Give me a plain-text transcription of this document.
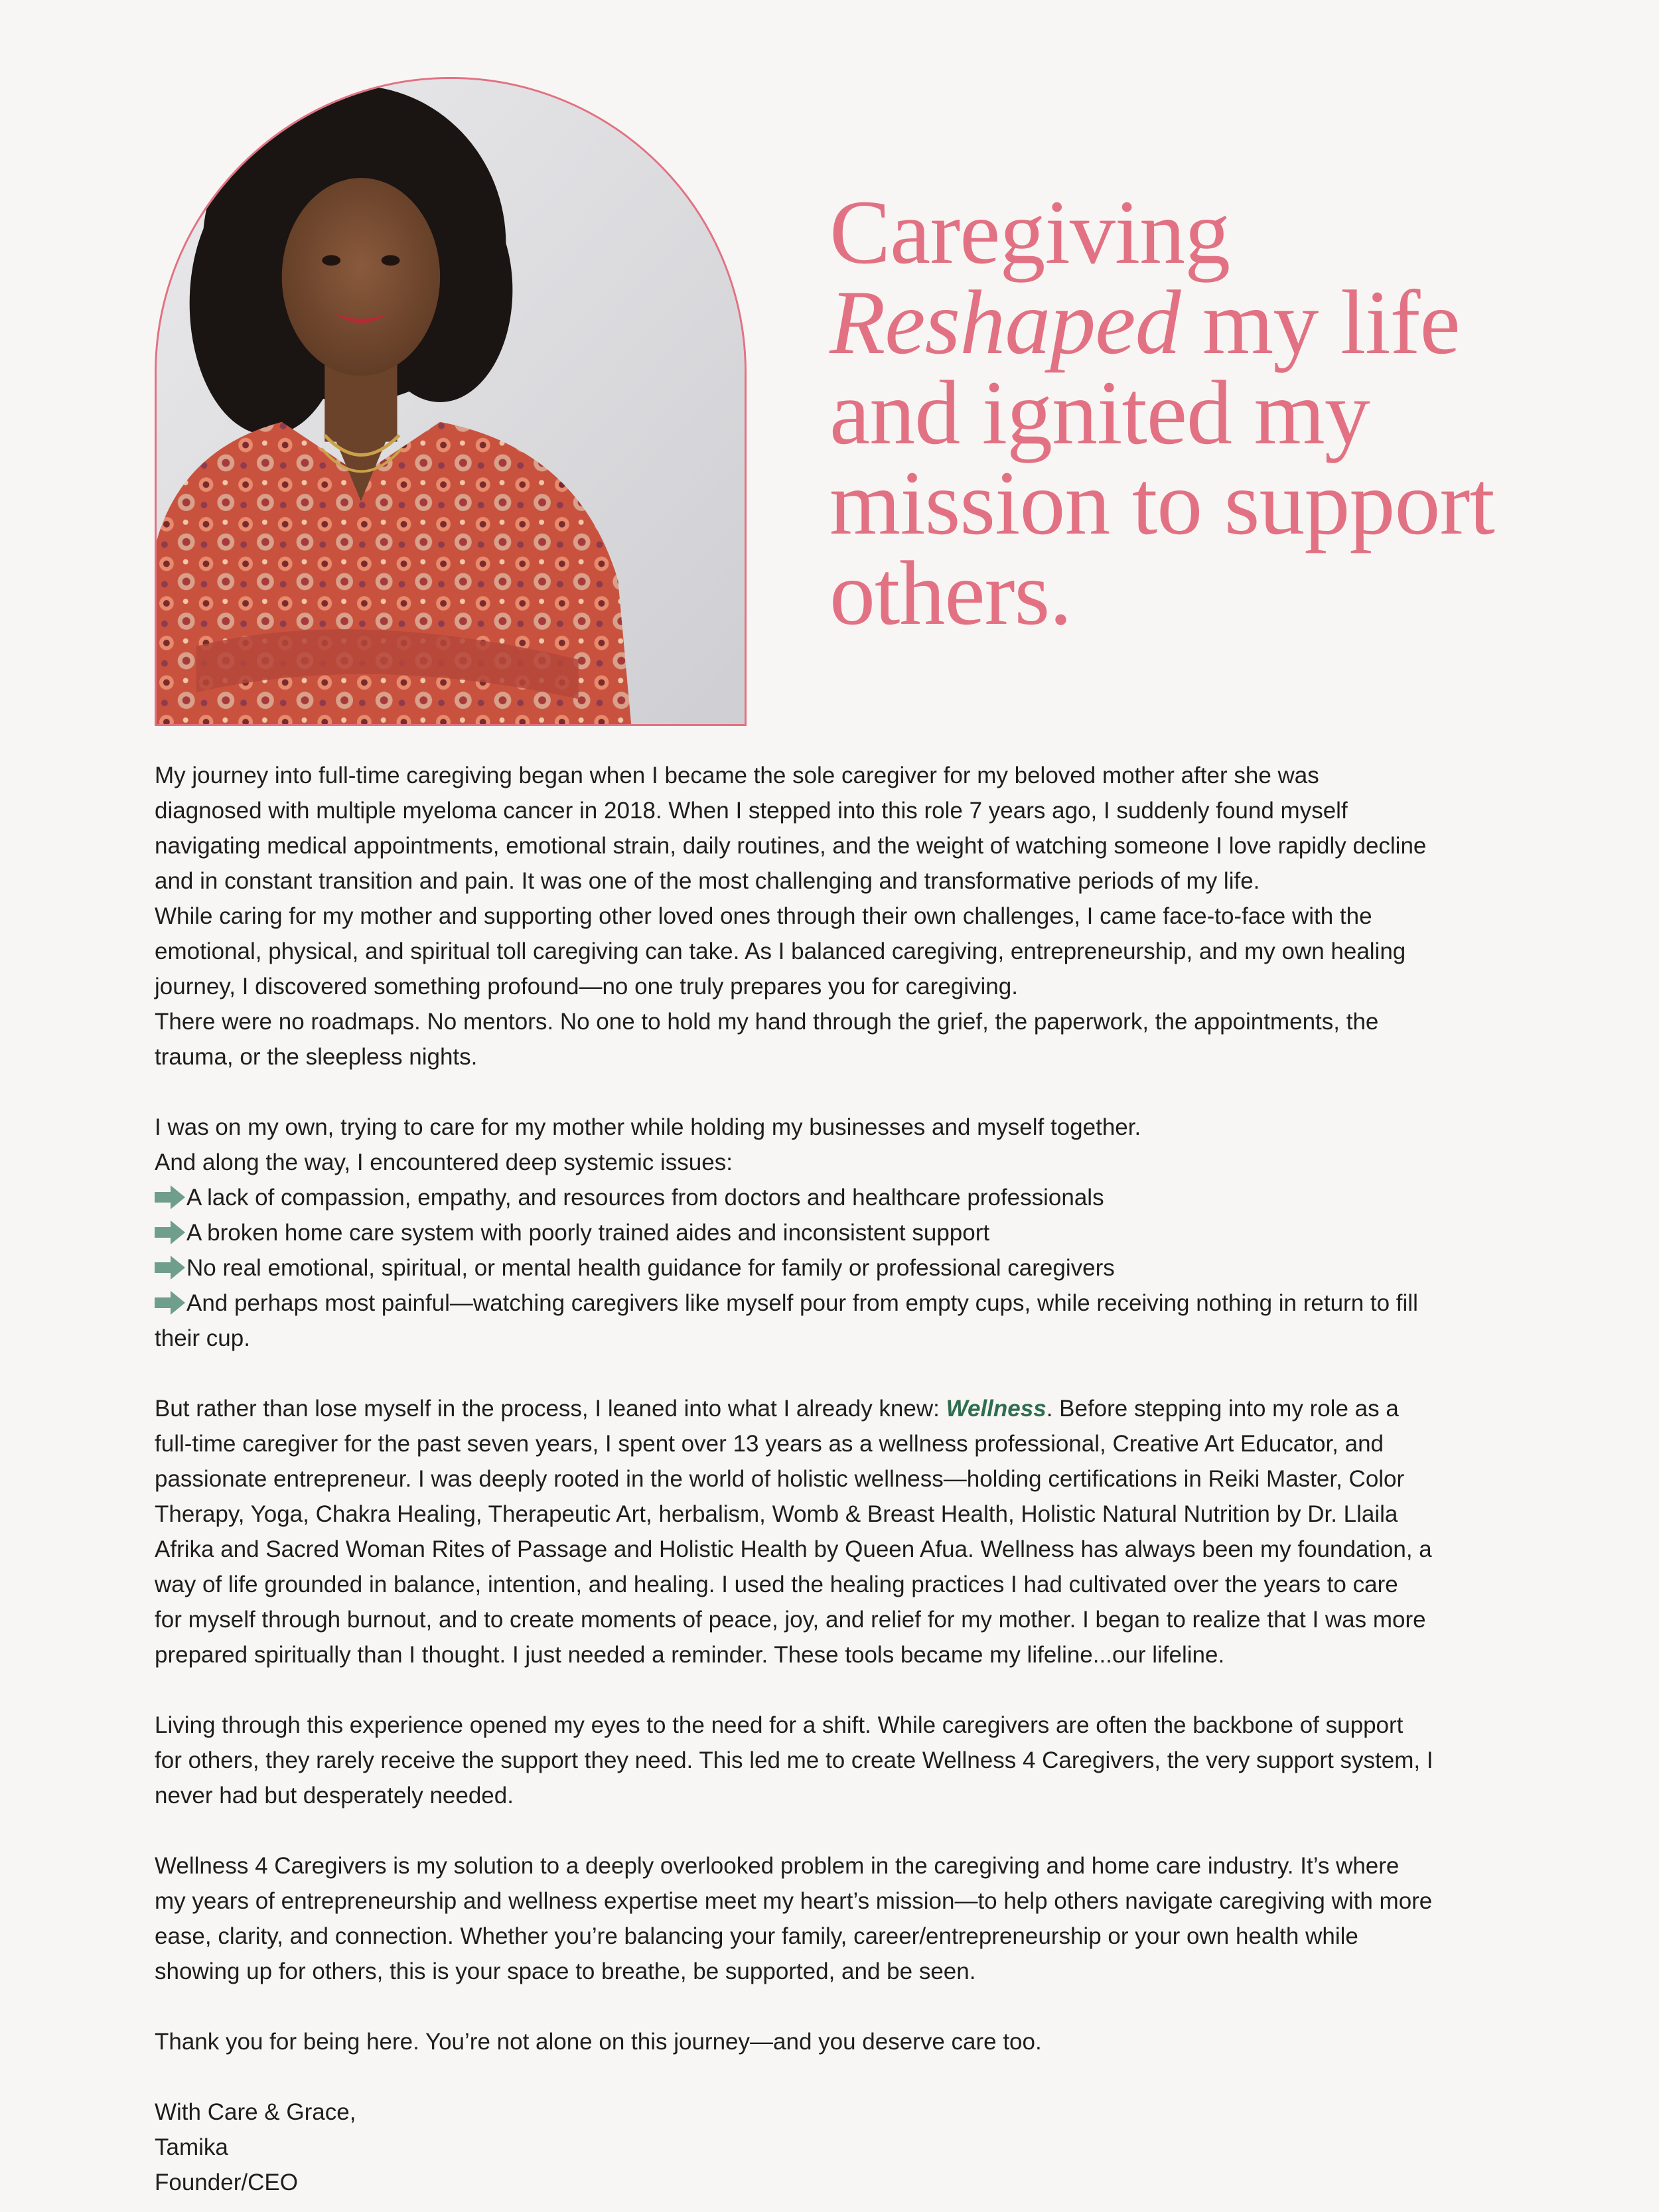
Caregiving
Reshaped my life
and ignited my
mission to support
others.
My journey into full-time caregiving began when I became the sole caregiver for my beloved mother after she was
diagnosed with multiple myeloma cancer in 2018. When I stepped into this role 7 years ago, I suddenly found myself
navigating medical appointments, emotional strain, daily routines, and the weight of watching someone I love rapidly decline
and in constant transition and pain. It was one of the most challenging and transformative periods of my life.
While caring for my mother and supporting other loved ones through their own challenges, I came face-to-face with the
emotional, physical, and spiritual toll caregiving can take. As I balanced caregiving, entrepreneurship, and my own healing
journey, I discovered something profound—no one truly prepares you for caregiving.
There were no roadmaps. No mentors. No one to hold my hand through the grief, the paperwork, the appointments, the
trauma, or the sleepless nights.
I was on my own, trying to care for my mother while holding my businesses and myself together.
And along the way, I encountered deep systemic issues:
A lack of compassion, empathy, and resources from doctors and healthcare professionals
A broken home care system with poorly trained aides and inconsistent support
No real emotional, spiritual, or mental health guidance for family or professional caregivers
And perhaps most painful—watching caregivers like myself pour from empty cups, while receiving nothing in return to fill
their cup.
But rather than lose myself in the process, I leaned into what I already knew: Wellness. Before stepping into my role as a
full-time caregiver for the past seven years, I spent over 13 years as a wellness professional, Creative Art Educator, and
passionate entrepreneur. I was deeply rooted in the world of holistic wellness—holding certifications in Reiki Master, Color
Therapy, Yoga, Chakra Healing, Therapeutic Art, herbalism, Womb & Breast Health, Holistic Natural Nutrition by Dr. Llaila
Afrika and Sacred Woman Rites of Passage and Holistic Health by Queen Afua. Wellness has always been my foundation, a
way of life grounded in balance, intention, and healing. I used the healing practices I had cultivated over the years to care
for myself through burnout, and to create moments of peace, joy, and relief for my mother. I began to realize that I was more
prepared spiritually than I thought. I just needed a reminder. These tools became my lifeline...our lifeline.
Living through this experience opened my eyes to the need for a shift. While caregivers are often the backbone of support
for others, they rarely receive the support they need. This led me to create Wellness 4 Caregivers, the very support system, I
never had but desperately needed.
Wellness 4 Caregivers is my solution to a deeply overlooked problem in the caregiving and home care industry. It’s where
my years of entrepreneurship and wellness expertise meet my heart’s mission—to help others navigate caregiving with more
ease, clarity, and connection. Whether you’re balancing your family, career/entrepreneurship or your own health while
showing up for others, this is your space to breathe, be supported, and be seen.
Thank you for being here. You’re not alone on this journey—and you deserve care too.
With Care & Grace,
Tamika
Founder/CEO
